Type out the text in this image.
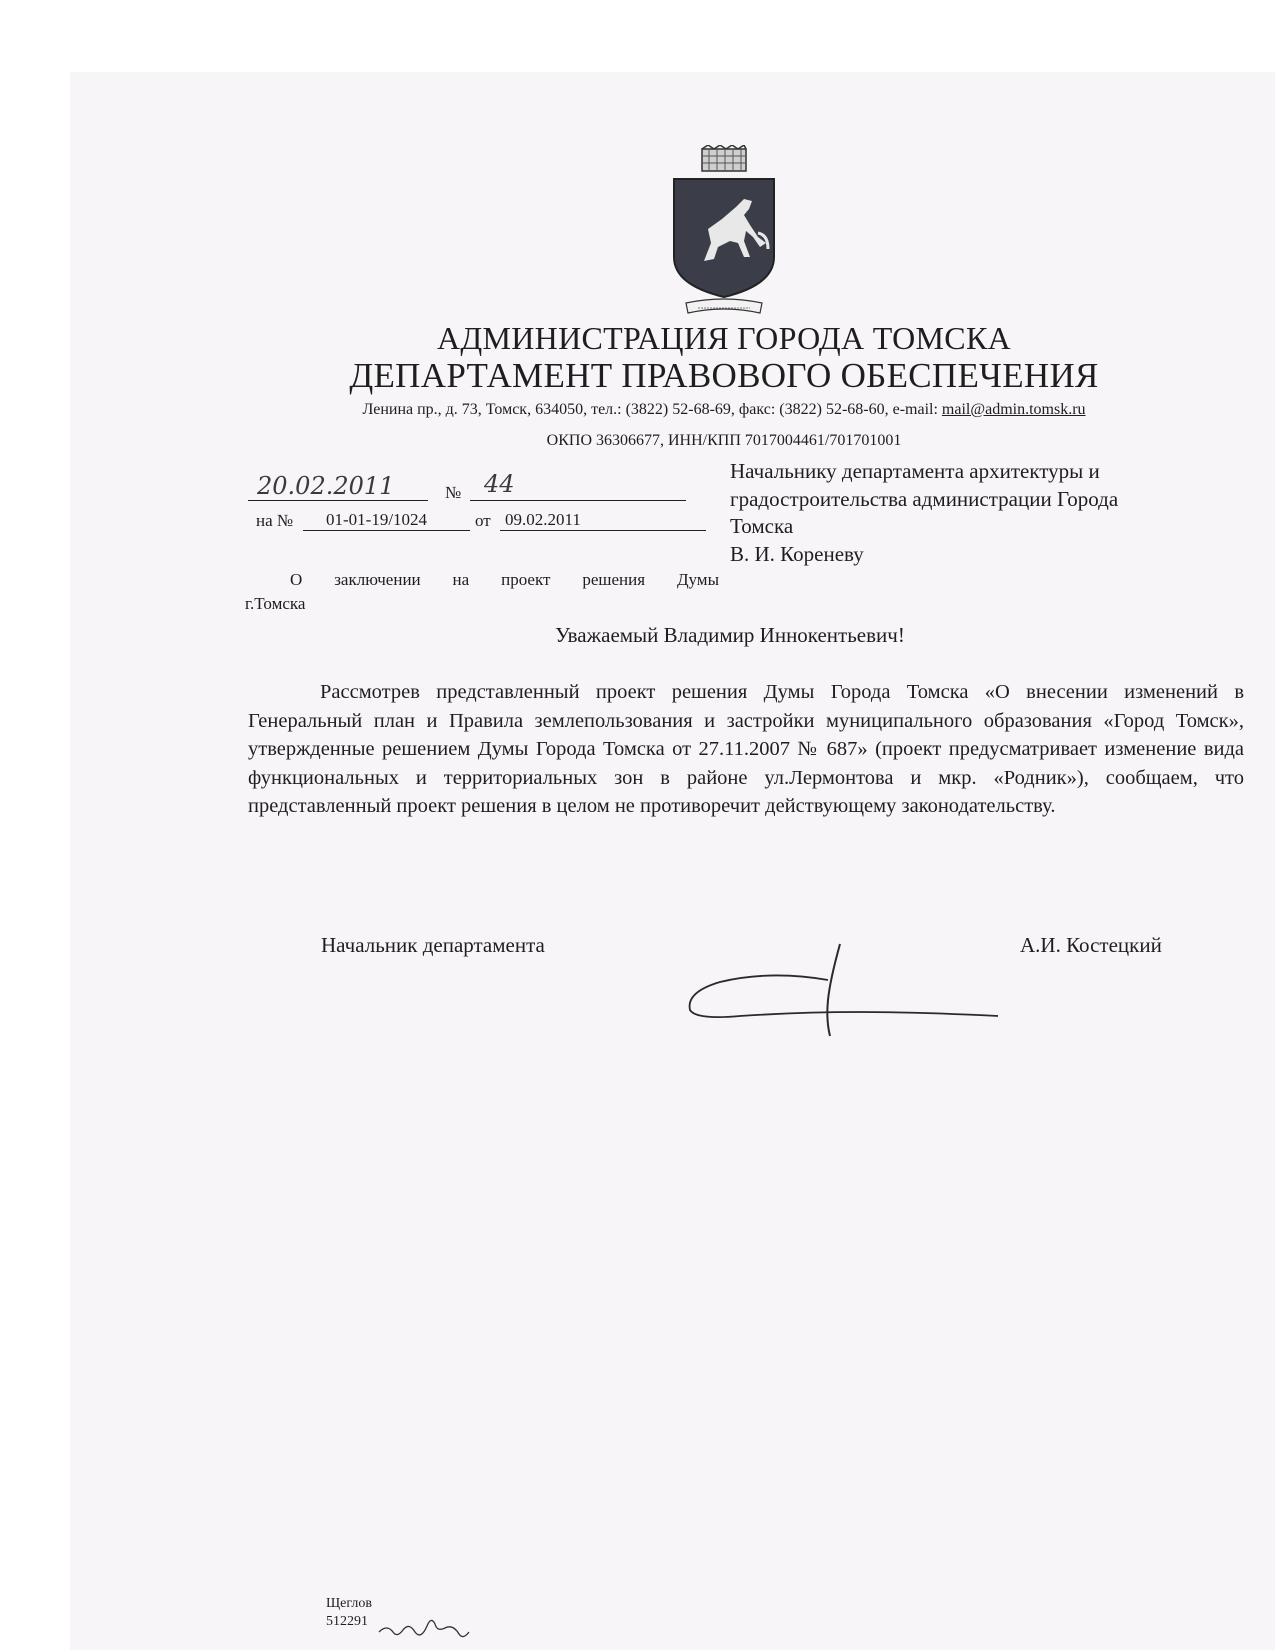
АДМИНИСТРАЦИЯ ГОРОДА ТОМСКА
ДЕПАРТАМЕНТ ПРАВОВОГО ОБЕСПЕЧЕНИЯ
Ленина пр., д. 73, Томск, 634050, тел.: (3822) 52-68-69, факс: (3822) 52-68-60, e-mail: mail@admin.tomsk.ru
ОКПО 36306677, ИНН/КПП 7017004461/701701001
20.02.2011	№ 44
на № 01-01-19/1024	от 09.02.2011
Начальнику департамента архитектуры и
градостроительства администрации Города
Томска
В. И. Кореневу
О заключении на проект решения Думы
г.Томска
Уважаемый Владимир Иннокентьевич!
Рассмотрев представленный проект решения Думы Города Томска «О внесении изменений в Генеральный план и Правила землепользования и застройки муниципального образования «Город Томск», утвержденные решением Думы Города Томска от 27.11.2007 № 687» (проект предусматривает изменение вида функциональных и территориальных зон в районе ул.Лермонтова и мкр. «Родник»), сообщаем, что представленный проект решения в целом не противоречит действующему законодательству.
Начальник департамента	А.И. Костецкий
Щеглов
512291
